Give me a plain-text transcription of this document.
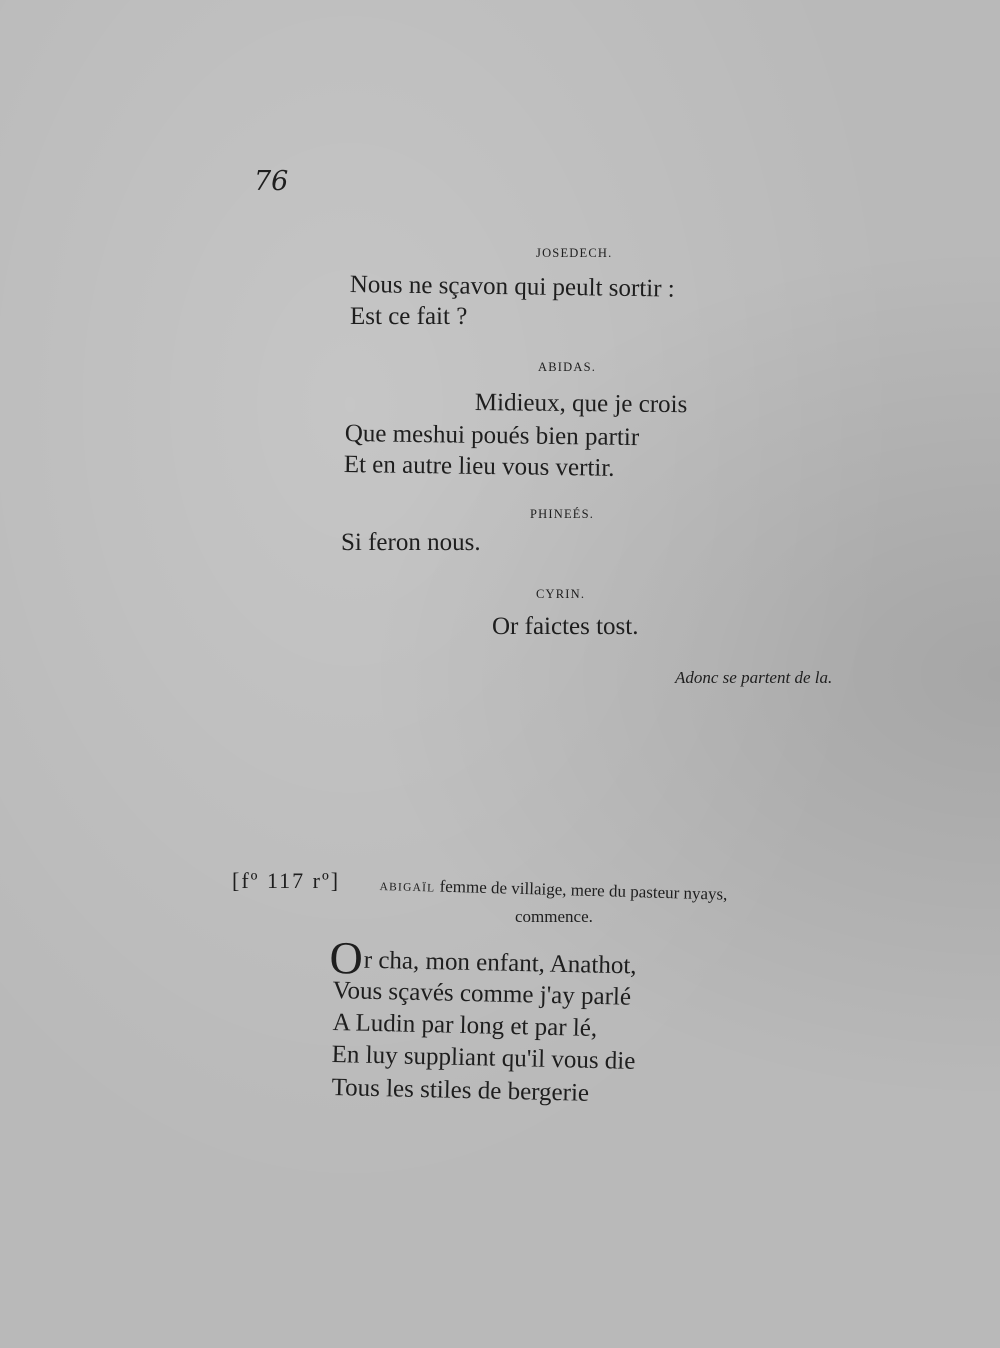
76
JOSEDECH.
Nous ne sçavon qui peult sortir :
Est ce fait ?
ABIDAS.
Midieux, que je crois
Que meshui poués bien partir
Et en autre lieu vous vertir.
PHINEÉS.
Si feron nous.
CYRIN.
Or faictes tost.
Adonc se partent de la.
[fº 117 rº]	ABIGAÏL femme de villaige, mere du pasteur nyays,
commence.
Or cha, mon enfant, Anathot,
Vous sçavés comme j'ay parlé
A Ludin par long et par lé,
En luy suppliant qu'il vous die
Tous les stiles de bergerie
